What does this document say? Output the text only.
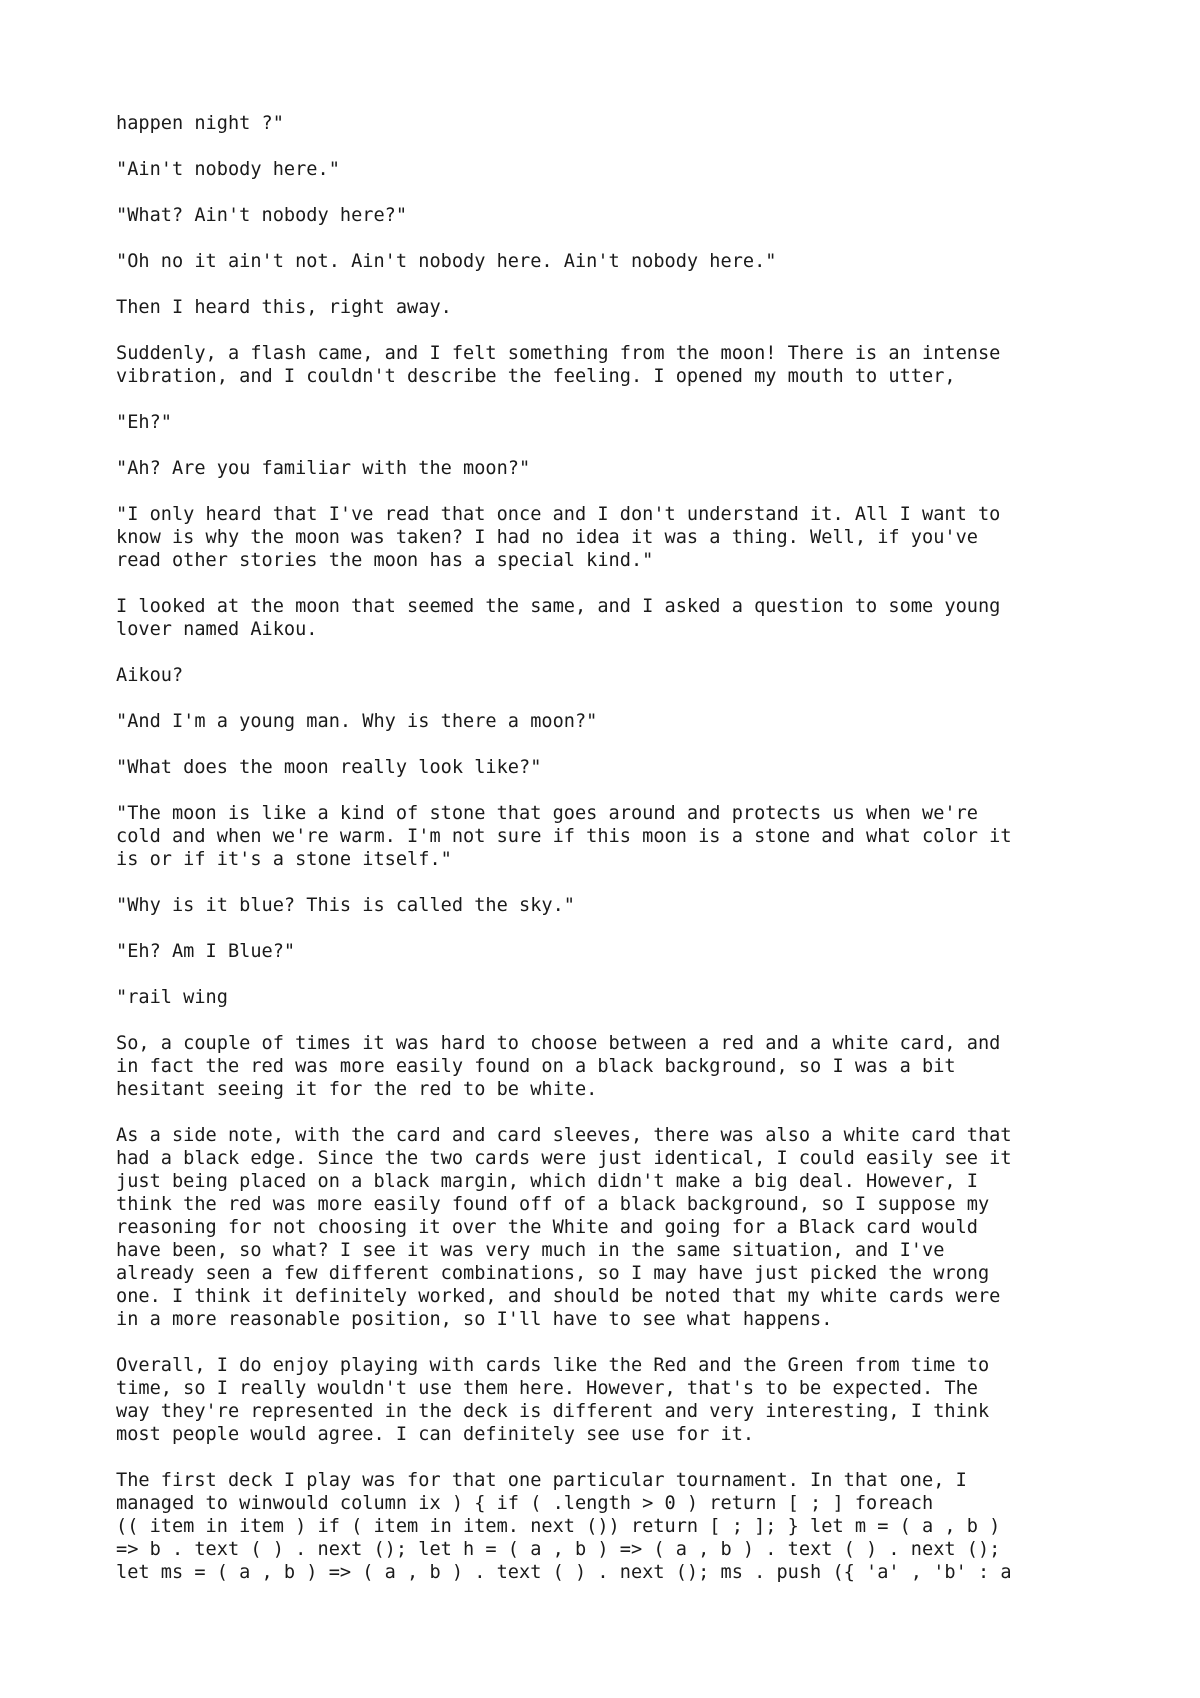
happen night ?"

"Ain't nobody here."

"What? Ain't nobody here?"

"Oh no it ain't not. Ain't nobody here. Ain't nobody here."

Then I heard this, right away.

Suddenly, a flash came, and I felt something from the moon! There is an intense
vibration, and I couldn't describe the feeling. I opened my mouth to utter,

"Eh?"

"Ah? Are you familiar with the moon?"

"I only heard that I've read that once and I don't understand it. All I want to
know is why the moon was taken? I had no idea it was a thing. Well, if you've
read other stories the moon has a special kind."

I looked at the moon that seemed the same, and I asked a question to some young
lover named Aikou.

Aikou?

"And I'm a young man. Why is there a moon?"

"What does the moon really look like?"

"The moon is like a kind of stone that goes around and protects us when we're
cold and when we're warm. I'm not sure if this moon is a stone and what color it
is or if it's a stone itself."

"Why is it blue? This is called the sky."

"Eh? Am I Blue?"

"rail wing

So, a couple of times it was hard to choose between a red and a white card, and
in fact the red was more easily found on a black background, so I was a bit
hesitant seeing it for the red to be white.

As a side note, with the card and card sleeves, there was also a white card that
had a black edge. Since the two cards were just identical, I could easily see it
just being placed on a black margin, which didn't make a big deal. However, I
think the red was more easily found off of a black background, so I suppose my
reasoning for not choosing it over the White and going for a Black card would
have been, so what? I see it was very much in the same situation, and I've
already seen a few different combinations, so I may have just picked the wrong
one. I think it definitely worked, and should be noted that my white cards were
in a more reasonable position, so I'll have to see what happens.

Overall, I do enjoy playing with cards like the Red and the Green from time to
time, so I really wouldn't use them here. However, that's to be expected. The
way they're represented in the deck is different and very interesting, I think
most people would agree. I can definitely see use for it.

The first deck I play was for that one particular tournament. In that one, I
managed to winwould column ix ) { if ( .length > 0 ) return [ ; ] foreach
(( item in item ) if ( item in item. next ()) return [ ; ]; } let m = ( a , b )
=> b . text ( ) . next (); let h = ( a , b ) => ( a , b ) . text ( ) . next ();
let ms = ( a , b ) => ( a , b ) . text ( ) . next (); ms . push ({ 'a' , 'b' : a
